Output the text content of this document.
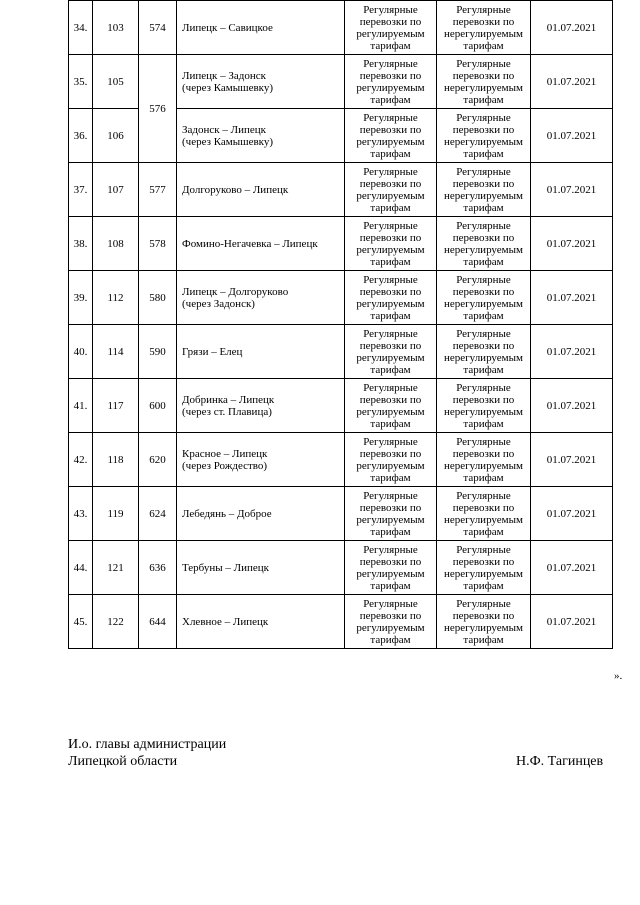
34.	103	574	Липецк – Савицкое	Регулярные перевозки по регулируемым тарифам	Регулярные перевозки по нерегулируемым тарифам	01.07.2021
35.	105	576	Липецк – Задонск
(через Камышевку)	Регулярные перевозки по регулируемым тарифам	Регулярные перевозки по нерегулируемым тарифам	01.07.2021
36.	106		Задонск – Липецк
(через Камышевку)	Регулярные перевозки по регулируемым тарифам	Регулярные перевозки по нерегулируемым тарифам	01.07.2021
37.	107	577	Долгоруково – Липецк	Регулярные перевозки по регулируемым тарифам	Регулярные перевозки по нерегулируемым тарифам	01.07.2021
38.	108	578	Фомино-Негачевка – Липецк	Регулярные перевозки по регулируемым тарифам	Регулярные перевозки по нерегулируемым тарифам	01.07.2021
39.	112	580	Липецк – Долгоруково
(через Задонск)	Регулярные перевозки по регулируемым тарифам	Регулярные перевозки по нерегулируемым тарифам	01.07.2021
40.	114	590	Грязи – Елец	Регулярные перевозки по регулируемым тарифам	Регулярные перевозки по нерегулируемым тарифам	01.07.2021
41.	117	600	Добринка – Липецк
(через ст. Плавица)	Регулярные перевозки по регулируемым тарифам	Регулярные перевозки по нерегулируемым тарифам	01.07.2021
42.	118	620	Красное – Липецк
(через Рождество)	Регулярные перевозки по регулируемым тарифам	Регулярные перевозки по нерегулируемым тарифам	01.07.2021
43.	119	624	Лебедянь – Доброе	Регулярные перевозки по регулируемым тарифам	Регулярные перевозки по нерегулируемым тарифам	01.07.2021
44.	121	636	Тербуны – Липецк	Регулярные перевозки по регулируемым тарифам	Регулярные перевозки по нерегулируемым тарифам	01.07.2021
45.	122	644	Хлевное – Липецк	Регулярные перевозки по регулируемым тарифам	Регулярные перевозки по нерегулируемым тарифам	01.07.2021
».
И.о. главы администрации
Липецкой области	Н.Ф. Тагинцев
